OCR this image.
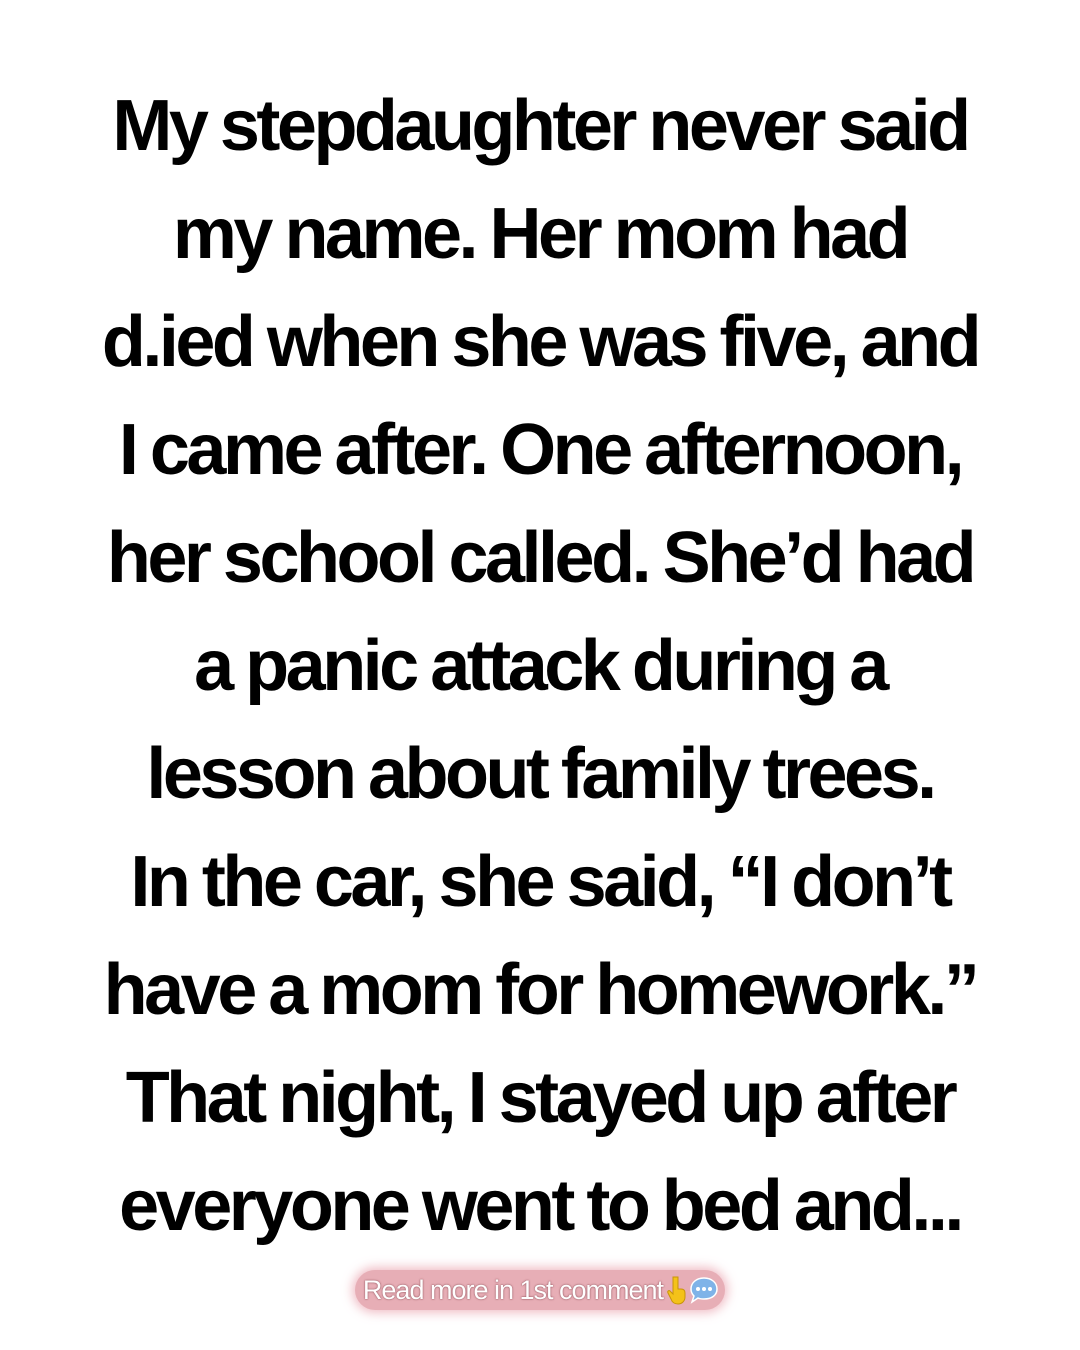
My stepdaughter never said
my name. Her mom had
d.ied when she was five, and
I came after. One afternoon,
her school called. She’d had
a panic attack during a
lesson about family trees.
In the car, she said, “I don’t
have a mom for homework.”
That night, I stayed up after
everyone went to bed and...
Read more in 1st comment
